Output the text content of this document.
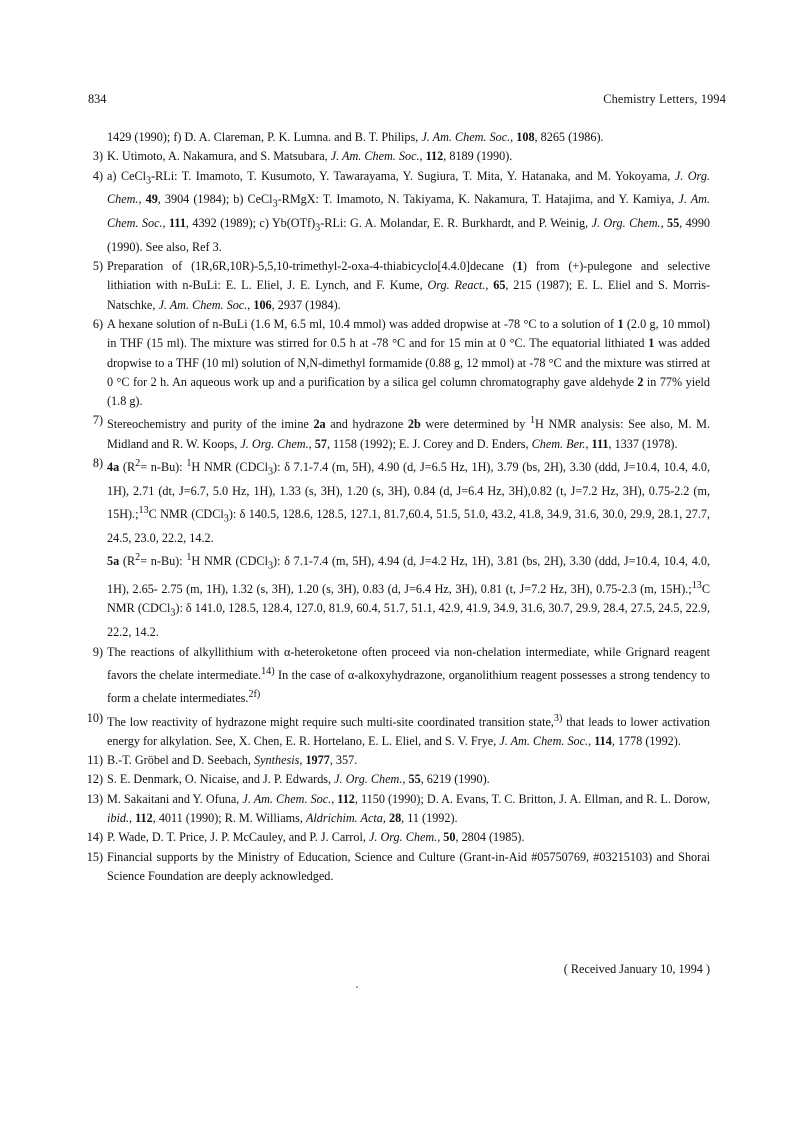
834	Chemistry Letters, 1994

1429 (1990); f) D. A. Clareman, P. K. Lumna. and B. T. Philips, J. Am. Chem. Soc., 108, 8265 (1986).

3) K. Utimoto, A. Nakamura, and S. Matsubara, J. Am. Chem. Soc., 112, 8189 (1990).

4) a) CeCl$_3$-RLi: T. Imamoto, T. Kusumoto, Y. Tawarayama, Y. Sugiura, T. Mita, Y. Hatanaka, and M. Yokoyama, J. Org. Chem., 49, 3904 (1984); b) CeCl$_3$-RMgX: T. Imamoto, N. Takiyama, K. Nakamura, T. Hatajima, and Y. Kamiya, J. Am. Chem. Soc., 111, 4392 (1989); c) $Yb(OTf)_3$-RLi: G. A. Molandar, E. R. Burkhardt, and P. Weinig, J. Org. Chem., 55, 4990 (1990). See also, Ref 3.

5) Preparation of (1R,6R,10R)-5,5,10-trimethyl-2-oxa-4-thiabicyclo[4.4.0]decane (1) from (+)-pulegone and selective lithiation with n-BuLi: E. L. Eliel, J. E. Lynch, and F. Kume, Org. React., 65, 215 (1987); E. L. Eliel and S. Morris-Natschke, J. Am. Chem. Soc., 106, 2937 (1984).

6) A hexane solution of n-BuLi (1.6 M, 6.5 ml, 10.4 mmol) was added dropwise at -78 °C to a solution of 1 (2.0 g, 10 mmol) in THF (15 ml). The mixture was stirred for 0.5 h at -78 °C and for 15 min at 0 °C. The equatorial lithiated 1 was added dropwise to a THF (10 ml) solution of N,N-dimethyl formamide (0.88 g, 12 mmol) at -78 °C and the mixture was stirred at 0 °C for 2 h. An aqueous work up and a purification by a silica gel column chromatography gave aldehyde 2 in 77% yield (1.8 g).

7) Stereochemistry and purity of the imine 2a and hydrazone 2b were determined by $^1$H NMR analysis: See also, M. M. Midland and R. W. Koops, J. Org. Chem., 57, 1158 (1992); E. J. Corey and D. Enders, Chem. Ber., 111, 1337 (1978).

8) 4a $(R^2= n-Bu)$: $^1$H NMR (CDCl$_3$): δ 7.1-7.4 (m, 5H), 4.90 (d, J=6.5 Hz, 1H), 3.79 (bs, 2H), 3.30 (ddd, J=10.4, 10.4, 4.0, 1H), 2.71 (dt, J=6.7, 5.0 Hz, 1H), 1.33 (s, 3H), 1.20 (s, 3H), 0.84 (d, J=6.4 Hz, 3H),0.82 (t, J=7.2 Hz, 3H), 0.75-2.2 (m, 15H).;$^{13}$C NMR (CDCl$_3$): δ 140.5, 128.6, 128.5, 127.1, 81.7,60.4, 51.5, 51.0, 43.2, 41.8, 34.9, 31.6, 30.0, 29.9, 28.1, 27.7, 24.5, 23.0, 22.2, 14.2.
5a $(R^2= n-Bu)$: $^1$H NMR (CDCl$_3$): δ 7.1-7.4 (m, 5H), 4.94 (d, J=4.2 Hz, 1H), 3.81 (bs, 2H), 3.30 (ddd, J=10.4, 10.4, 4.0, 1H), 2.65- 2.75 (m, 1H), 1.32 (s, 3H), 1.20 (s, 3H), 0.83 (d, J=6.4 Hz, 3H), 0.81 (t, J=7.2 Hz, 3H), 0.75-2.3 (m, 15H).;$^{13}$C NMR (CDCl$_3$): δ 141.0, 128.5, 128.4, 127.0, 81.9, 60.4, 51.7, 51.1, 42.9, 41.9, 34.9, 31.6, 30.7, 29.9, 28.4, 27.5, 24.5, 22.9, 22.2, 14.2.

9) The reactions of alkyllithium with α-heteroketone often proceed via non-chelation intermediate, while Grignard reagent favors the chelate intermediate.$^{14)}$ In the case of α-alkoxyhydrazone, organolithium reagent possesses a strong tendency to form a chelate intermediates.$^{2f)}$

10) The low reactivity of hydrazone might require such multi-site coordinated transition state,$^{3)}$ that leads to lower activation energy for alkylation. See, X. Chen, E. R. Hortelano, E. L. Eliel, and S. V. Frye, J. Am. Chem. Soc., 114, 1778 (1992).

11) B.-T. Gröbel and D. Seebach, Synthesis, 1977, 357.

12) S. E. Denmark, O. Nicaise, and J. P. Edwards, J. Org. Chem., 55, 6219 (1990).

13) M. Sakaitani and Y. Ofuna, J. Am. Chem. Soc., 112, 1150 (1990); D. A. Evans, T. C. Britton, J. A. Ellman, and R. L. Dorow, ibid., 112, 4011 (1990); R. M. Williams, Aldrichim. Acta, 28, 11 (1992).

14) P. Wade, D. T. Price, J. P. McCauley, and P. J. Carrol, J. Org. Chem., 50, 2804 (1985).

15) Financial supports by the Ministry of Education, Science and Culture (Grant-in-Aid #05750769, #03215103) and Shorai Science Foundation are deeply acknowledged.

( Received January 10, 1994 )
